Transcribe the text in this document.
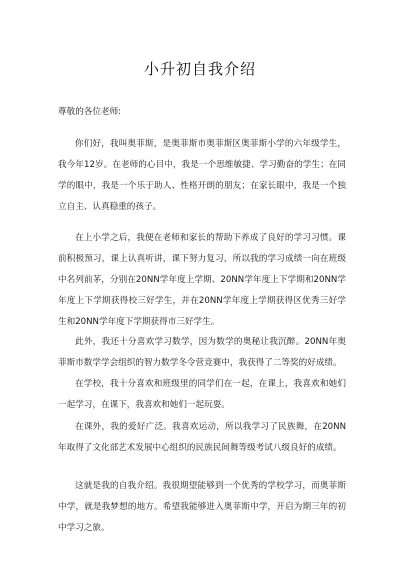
小升初自我介绍
尊敬的各位老师:
你们好，我叫奥菲斯，是奥菲斯市奥菲斯区奥菲斯小学的六年级学生，我今年12岁。在老师的心目中，我是一个思维敏捷、学习勤奋的学生；在同学的眼中，我是一个乐于助人、性格开朗的朋友；在家长眼中，我是一个独立自主、认真稳重的孩子。
在上小学之后，我便在老师和家长的帮助下养成了良好的学习习惯。课前积极预习，课上认真听讲，课下努力复习，所以我的学习成绩一向在班级中名列前茅，分别在20NN学年度上学期、20NN学年度上下学期和20NN学年度上下学期获得校三好学生，并在20NN学年度上学期获得区优秀三好学生和20NN学年度下学期获得市三好学生。
此外，我还十分喜欢学习数学，因为数学的奥秘让我沉醉。20NN年奥菲斯市数学学会组织的智力数学冬令营竞赛中，我获得了二等奖的好成绩。
在学校，我十分喜欢和班级里的同学们在一起，在课上，我喜欢和她们一起学习，在课下，我喜欢和她们一起玩耍。
在课外，我的爱好广泛。我喜欢运动，所以我学习了民族舞，在20NN年取得了文化部艺术发展中心组织的民族民间舞等级考试八级良好的成绩。
这就是我的自我介绍。我很期望能够到一个优秀的学校学习，而奥菲斯中学，就是我梦想的地方。希望我能够进入奥菲斯中学，开启为期三年的初中学习之旅。
